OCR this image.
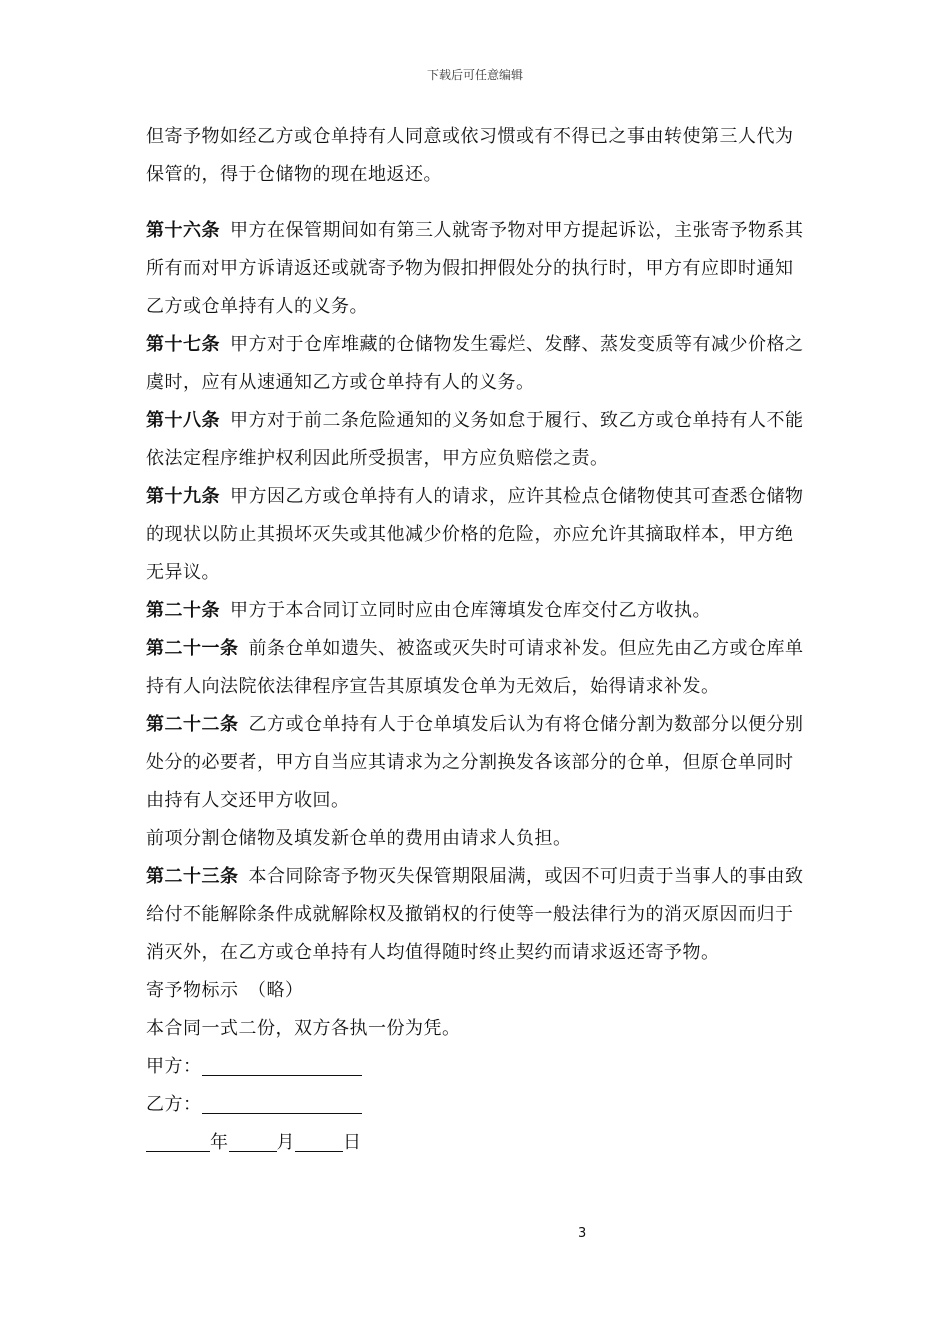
下载后可任意编辑

但寄予物如经乙方或仓单持有人同意或依习惯或有不得已之事由转使第三人代为保管的，得于仓储物的现在地返还。

第十六条 甲方在保管期间如有第三人就寄予物对甲方提起诉讼，主张寄予物系其所有而对甲方诉请返还或就寄予物为假扣押假处分的执行时，甲方有应即时通知乙方或仓单持有人的义务。

第十七条 甲方对于仓库堆藏的仓储物发生霉烂、发酵、蒸发变质等有减少价格之虞时，应有从速通知乙方或仓单持有人的义务。

第十八条 甲方对于前二条危险通知的义务如怠于履行、致乙方或仓单持有人不能依法定程序维护权利因此所受损害，甲方应负赔偿之责。

第十九条 甲方因乙方或仓单持有人的请求，应许其检点仓储物使其可查悉仓储物的现状以防止其损坏灭失或其他减少价格的危险，亦应允许其摘取样本，甲方绝无异议。

第二十条 甲方于本合同订立同时应由仓库簿填发仓库交付乙方收执。

第二十一条 前条仓单如遗失、被盗或灭失时可请求补发。但应先由乙方或仓库单持有人向法院依法律程序宣告其原填发仓单为无效后，始得请求补发。

第二十二条 乙方或仓单持有人于仓单填发后认为有将仓储分割为数部分以便分别处分的必要者，甲方自当应其请求为之分割换发各该部分的仓单，但原仓单同时由持有人交还甲方收回。

前项分割仓储物及填发新仓单的费用由请求人负担。

第二十三条 本合同除寄予物灭失保管期限届满，或因不可归责于当事人的事由致给付不能解除条件成就解除权及撤销权的行使等一般法律行为的消灭原因而归于消灭外，在乙方或仓单持有人均值得随时终止契约而请求返还寄予物。

寄予物标示　（略）

本合同一式二份，双方各执一份为凭。

甲方：

乙方：

年	月	日

3
